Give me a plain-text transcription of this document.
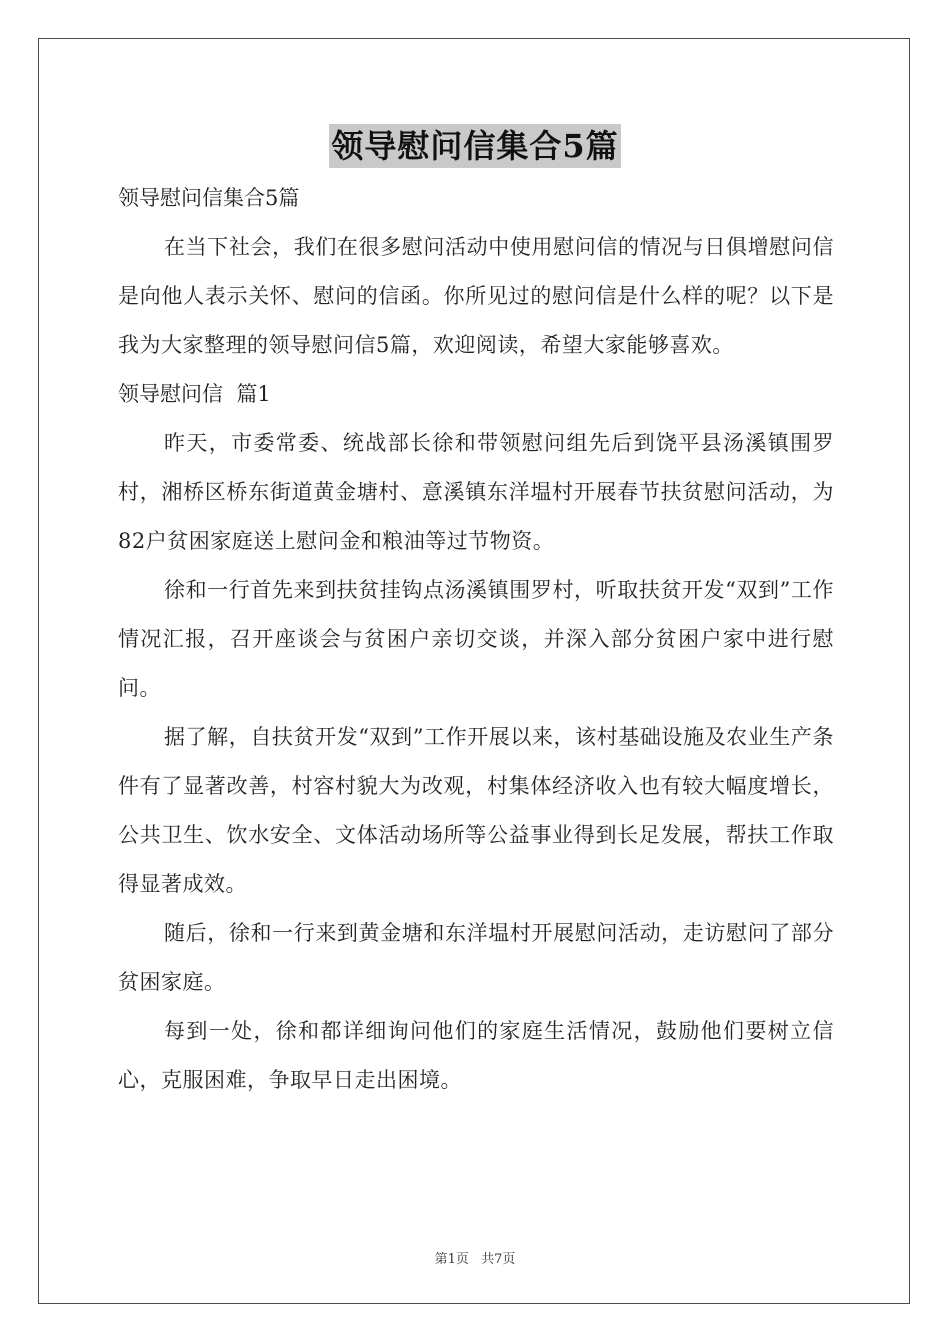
领导慰问信集合5篇

领导慰问信集合5篇

在当下社会，我们在很多慰问活动中使用慰问信的情况与日俱增慰问信是向他人表示关怀、慰问的信函。你所见过的慰问信是什么样的呢？以下是我为大家整理的领导慰问信5篇，欢迎阅读，希望大家能够喜欢。

领导慰问信  篇1

昨天，市委常委、统战部长徐和带领慰问组先后到饶平县汤溪镇围罗村，湘桥区桥东街道黄金塘村、意溪镇东洋塭村开展春节扶贫慰问活动，为82户贫困家庭送上慰问金和粮油等过节物资。

徐和一行首先来到扶贫挂钩点汤溪镇围罗村，听取扶贫开发“双到”工作情况汇报，召开座谈会与贫困户亲切交谈，并深入部分贫困户家中进行慰问。

据了解，自扶贫开发“双到”工作开展以来，该村基础设施及农业生产条件有了显著改善，村容村貌大为改观，村集体经济收入也有较大幅度增长，公共卫生、饮水安全、文体活动场所等公益事业得到长足发展，帮扶工作取得显著成效。

随后，徐和一行来到黄金塘和东洋塭村开展慰问活动，走访慰问了部分贫困家庭。

每到一处，徐和都详细询问他们的家庭生活情况，鼓励他们要树立信心，克服困难，争取早日走出困境。

第1页 共7页
